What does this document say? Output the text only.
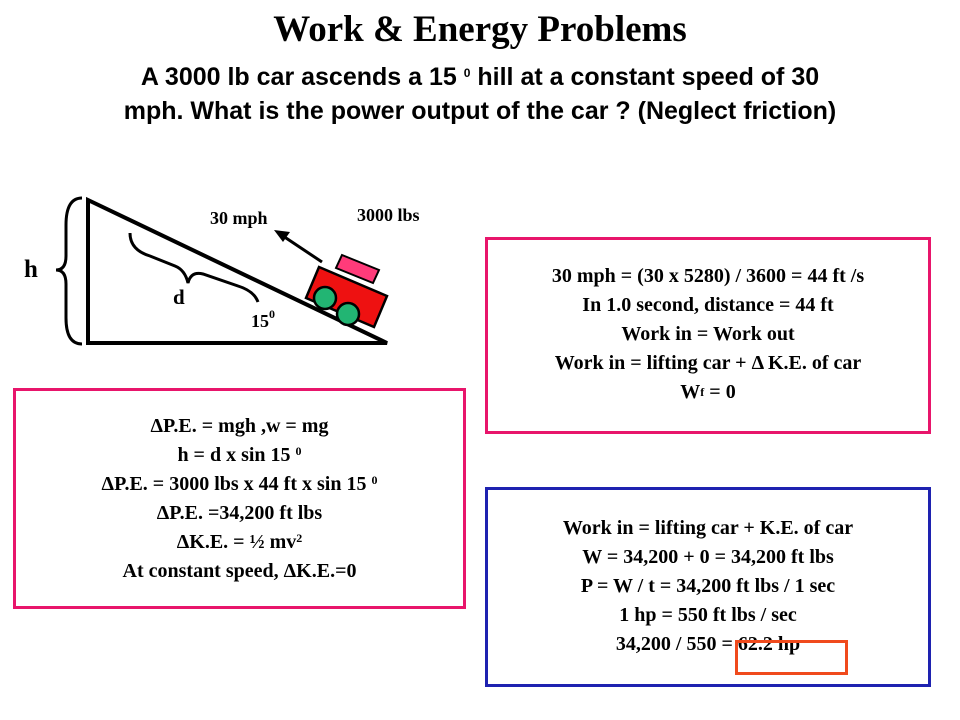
Work & Energy Problems
A 3000 lb car ascends a 15 $^0$ hill at a constant speed of 30
mph. What is the power output of the car ? (Neglect friction)
30 mph	3000 lbs
h
d
$15^0$
30 mph = (30 x 5280) / 3600 = 44 ft /s
In 1.0 second, distance = 44 ft
Work in = Work out
Work in = lifting car + Δ K.E. of car
Wf = 0
ΔP.E. = mgh ,w = mg
h = d x sin 15 $^0$
ΔP.E. = 3000 lbs x 44 ft x sin 15 $^0$
ΔP.E. =34,200 ft lbs
ΔK.E. = ½ $mv^2$
At constant speed, ΔK.E.=0
Work in = lifting car + K.E. of car
W = 34,200 + 0 = 34,200 ft lbs
P = W / t = 34,200 ft lbs / 1 sec
1 hp = 550 ft lbs / sec
34,200 / 550 = 62.2 hp
